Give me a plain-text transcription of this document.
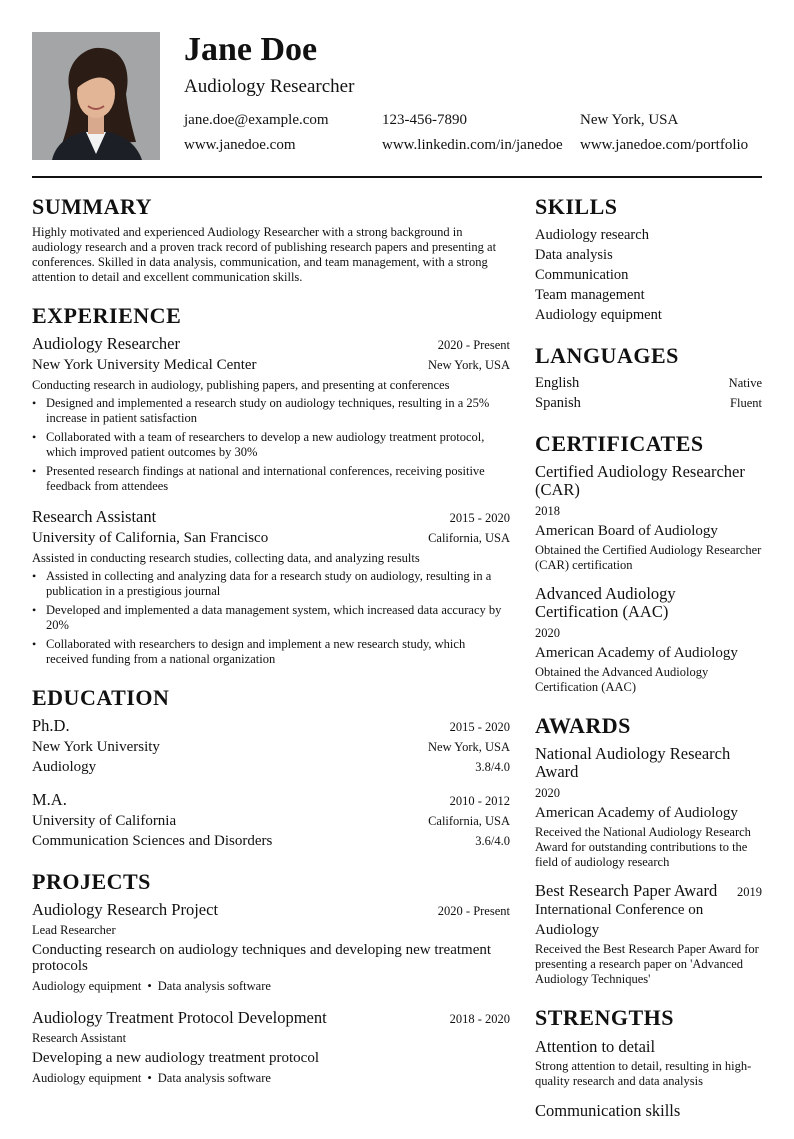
Jane Doe
Audiology Researcher
jane.doe@example.com	123-456-7890	New York, USA
www.janedoe.com	www.linkedin.com/in/janedoe	www.janedoe.com/portfolio
SUMMARY
Highly motivated and experienced Audiology Researcher with a strong background in audiology research and a proven track record of publishing research papers and presenting at conferences. Skilled in data analysis, communication, and team management, with a strong attention to detail and excellent communication skills.
EXPERIENCE
Audiology Researcher	2020 - Present
New York University Medical Center	New York, USA
Conducting research in audiology, publishing papers, and presenting at conferences
• Designed and implemented a research study on audiology techniques, resulting in a 25% increase in patient satisfaction
• Collaborated with a team of researchers to develop a new audiology treatment protocol, which improved patient outcomes by 30%
• Presented research findings at national and international conferences, receiving positive feedback from attendees
Research Assistant	2015 - 2020
University of California, San Francisco	California, USA
Assisted in conducting research studies, collecting data, and analyzing results
• Assisted in collecting and analyzing data for a research study on audiology, resulting in a publication in a prestigious journal
• Developed and implemented a data management system, which increased data accuracy by 20%
• Collaborated with researchers to design and implement a new research study, which received funding from a national organization
EDUCATION
Ph.D.	2015 - 2020
New York University	New York, USA
Audiology	3.8/4.0
M.A.	2010 - 2012
University of California	California, USA
Communication Sciences and Disorders	3.6/4.0
PROJECTS
Audiology Research Project	2020 - Present
Lead Researcher
Conducting research on audiology techniques and developing new treatment protocols
Audiology equipment • Data analysis software
Audiology Treatment Protocol Development	2018 - 2020
Research Assistant
Developing a new audiology treatment protocol
Audiology equipment • Data analysis software
SKILLS
Audiology research
Data analysis
Communication
Team management
Audiology equipment
LANGUAGES
English	Native
Spanish	Fluent
CERTIFICATES
Certified Audiology Researcher (CAR)
2018
American Board of Audiology
Obtained the Certified Audiology Researcher (CAR) certification
Advanced Audiology Certification (AAC)
2020
American Academy of Audiology
Obtained the Advanced Audiology Certification (AAC)
AWARDS
National Audiology Research Award
2020
American Academy of Audiology
Received the National Audiology Research Award for outstanding contributions to the field of audiology research
Best Research Paper Award 2019
International Conference on Audiology
Received the Best Research Paper Award for presenting a research paper on 'Advanced Audiology Techniques'
STRENGTHS
Attention to detail
Strong attention to detail, resulting in high-quality research and data analysis
Communication skills
